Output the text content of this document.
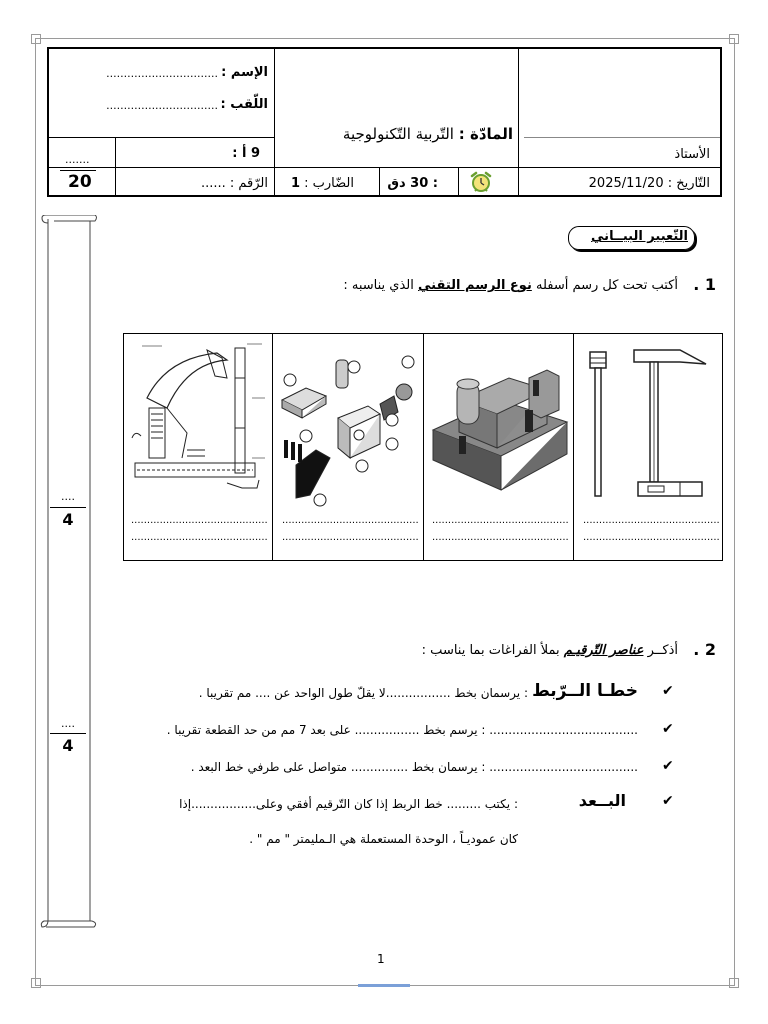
الإسم :
................................
اللّقب :
................................
9 أ :
الرّقم : ......
.......
20
المادّة : التّربية التّكنولوجية
: 30 دق
الضّارب : 1
الأستاذ
التّاريخ : 2025/11/20
....
4
....
4
التّعبير البيــاني
1 .
أكتب تحت كل رسم أسفله نوع الرسم التقني الذي يناسبه :
...........................................
...........................................
...........................................
...........................................
...........................................
...........................................
...........................................
...........................................
2 .
أذكــر عناصر التّرقيـم بملأ الفراغات بما يناسب :
✔
خطـا الــرّبط
: يرسمان بخط .................لا يقلّ طول الواحد عن .... مم تقريبا .
✔
....................................... : يرسم بخط ................. على بعد 7 مم من حد القطعة تقريبا .
✔
....................................... : يرسمان بخط ............... متواصل على طرفي خط البعد .
✔
البــعد
: يكتب ......... خط الربط إذا كان التّرقيم أفقي وعلى.................إذا
كان عموديـاً ، الوحدة المستعملة هي الـمليمتر " مم " .
1
